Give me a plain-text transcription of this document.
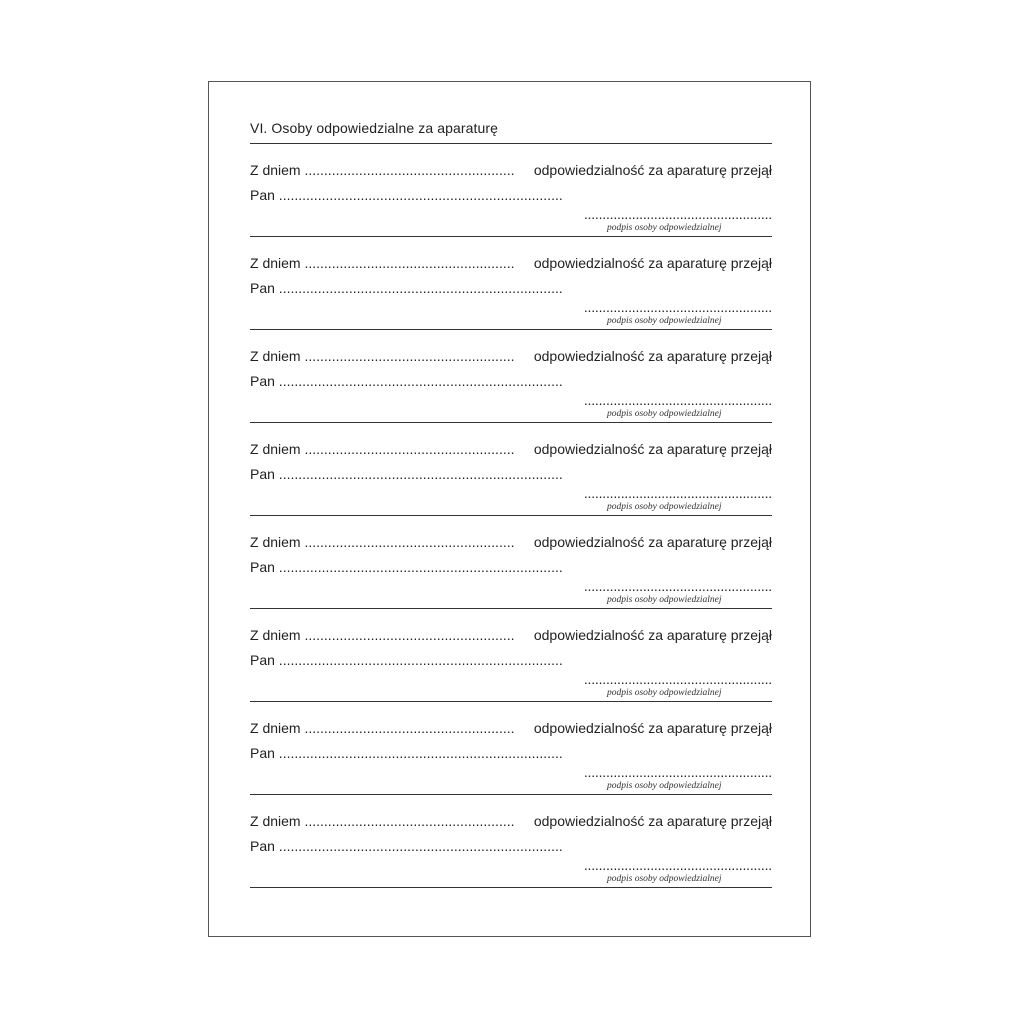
VI. Osoby odpowiedzialne za aparaturę
Z dniem ...................................................... odpowiedzialność za aparaturę przejął
Pan .........................................................................
...................................................
podpis osoby odpowiedzialnej
Z dniem ...................................................... odpowiedzialność za aparaturę przejął
Pan .........................................................................
...................................................
podpis osoby odpowiedzialnej
Z dniem ...................................................... odpowiedzialność za aparaturę przejął
Pan .........................................................................
...................................................
podpis osoby odpowiedzialnej
Z dniem ...................................................... odpowiedzialność za aparaturę przejął
Pan .........................................................................
...................................................
podpis osoby odpowiedzialnej
Z dniem ...................................................... odpowiedzialność za aparaturę przejął
Pan .........................................................................
...................................................
podpis osoby odpowiedzialnej
Z dniem ...................................................... odpowiedzialność za aparaturę przejął
Pan .........................................................................
...................................................
podpis osoby odpowiedzialnej
Z dniem ...................................................... odpowiedzialność za aparaturę przejął
Pan .........................................................................
...................................................
podpis osoby odpowiedzialnej
Z dniem ...................................................... odpowiedzialność za aparaturę przejął
Pan .........................................................................
...................................................
podpis osoby odpowiedzialnej
